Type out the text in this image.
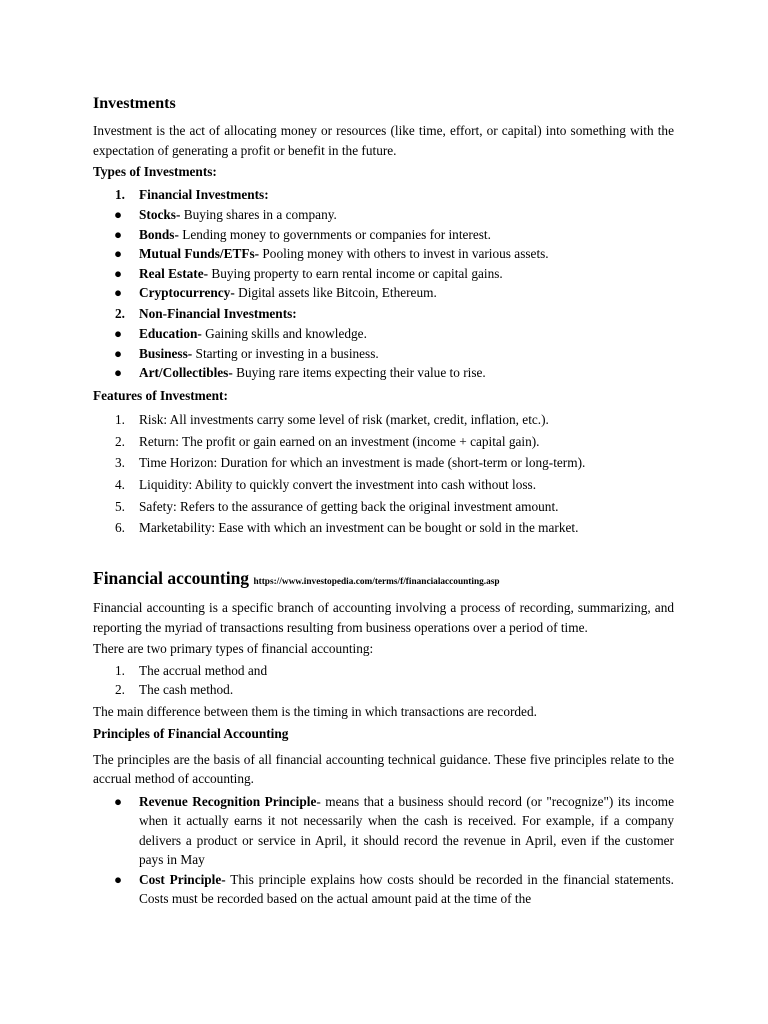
Investments

Investment is the act of allocating money or resources (like time, effort, or capital) into something with the expectation of generating a profit or benefit in the future.

Types of Investments:
1.	Financial Investments:
● Stocks- Buying shares in a company.
● Bonds- Lending money to governments or companies for interest.
● Mutual Funds/ETFs- Pooling money with others to invest in various assets.
● Real Estate- Buying property to earn rental income or capital gains.
● Cryptocurrency- Digital assets like Bitcoin, Ethereum.
2.	Non-Financial Investments:
● Education- Gaining skills and knowledge.
● Business- Starting or investing in a business.
● Art/Collectibles- Buying rare items expecting their value to rise.
Features of Investment:
1.	Risk: All investments carry some level of risk (market, credit, inflation, etc.).
2.	Return: The profit or gain earned on an investment (income + capital gain).
3.	Time Horizon: Duration for which an investment is made (short-term or long-term).
4.	Liquidity: Ability to quickly convert the investment into cash without loss.
5.	Safety: Refers to the assurance of getting back the original investment amount.
6.	Marketability: Ease with which an investment can be bought or sold in the market.
Financial accounting https://www.investopedia.com/terms/f/financialaccounting.asp

Financial accounting is a specific branch of accounting involving a process of recording, summarizing, and reporting the myriad of transactions resulting from business operations over a period of time.

There are two primary types of financial accounting:

1.	The accrual method and
2.	The cash method.

The main difference between them is the timing in which transactions are recorded.

Principles of Financial Accounting

The principles are the basis of all financial accounting technical guidance. These five principles relate to the accrual method of accounting.

● Revenue Recognition Principle- means that a business should record (or "recognize") its income when it actually earns it not necessarily when the cash is received. For example, if a company delivers a product or service in April, it should record the revenue in April, even if the customer pays in May
● Cost Principle- This principle explains how costs should be recorded in the financial statements. Costs must be recorded based on the actual amount paid at the time of the
